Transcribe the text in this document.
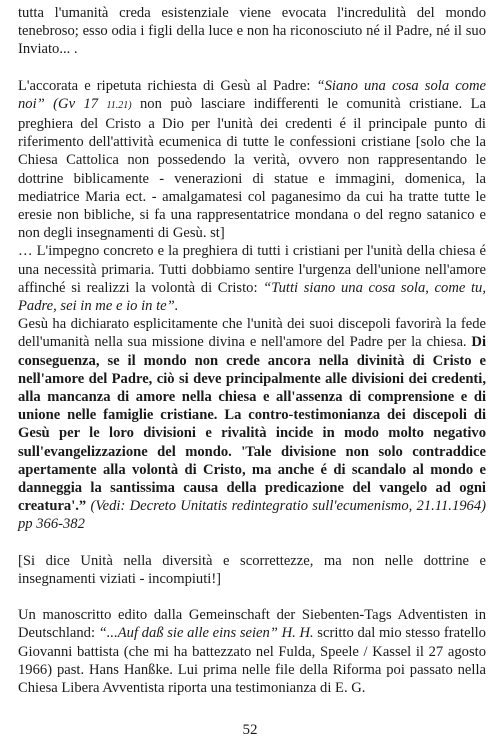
tutta l'umanità creda esistenziale viene evocata l'incredulità del mondo tenebroso; esso odia i figli della luce e non ha riconosciuto né il Padre, né il suo Inviato... .

L'accorata e ripetuta richiesta di Gesù al Padre: “Siano una cosa sola come noi” (Gv 17 11.21) non può lasciare indifferenti le comunità cristiane. La preghiera del Cristo a Dio per l'unità dei credenti é il principale punto di riferimento dell'attività ecumenica di tutte le confessioni cristiane [solo che la Chiesa Cattolica non possedendo la verità, ovvero non rappresentando le dottrine biblicamente - venerazioni di statue e immagini, domenica, la mediatrice Maria ect. - amalgamatesi col paganesimo da cui ha tratte tutte le eresie non bibliche, si fa una rappresentatrice mondana o del regno satanico e non degli insegnamenti di Gesù. st]

… L'impegno concreto e la preghiera di tutti i cristiani per l'unità della chiesa é una necessità primaria. Tutti dobbiamo sentire l'urgenza dell'unione nell'amore affinché si realizzi la volontà di Cristo: “Tutti siano una cosa sola, come tu, Padre, sei in me e io in te”.

Gesù ha dichiarato esplicitamente che l'unità dei suoi discepoli favorirà la fede dell'umanità nella sua missione divina e nell'amore del Padre per la chiesa. Di conseguenza, se il mondo non crede ancora nella divinità di Cristo e nell'amore del Padre, ciò si deve principalmente alle divisioni dei credenti, alla mancanza di amore nella chiesa e all'assenza di comprensione e di unione nelle famiglie cristiane. La contro-testimonianza dei discepoli di Gesù per le loro divisioni e rivalità incide in modo molto negativo sull'evangelizzazione del mondo. 'Tale divisione non solo contraddice apertamente alla volontà di Cristo, ma anche é di scandalo al mondo e danneggia la santissima causa della predicazione del vangelo ad ogni creatura'.” (Vedi: Decreto Unitatis redintegratio sull'ecumenismo, 21.11.1964) pp 366-382

[Si dice Unità nella diversità e scorrettezze, ma non nelle dottrine e insegnamenti viziati - incompiuti!]

Un manoscritto edito dalla Gemeinschaft der Siebenten-Tags Adventisten in Deutschland: “...Auf daß sie alle eins seien” H. H. scritto dal mio stesso fratello Giovanni battista (che mi ha battezzato nel Fulda, Speele / Kassel il 27 agosto 1966) past. Hans Hanßke. Lui prima nelle file della Riforma poi passato nella Chiesa Libera Avventista riporta una testimonianza di E. G.

52
